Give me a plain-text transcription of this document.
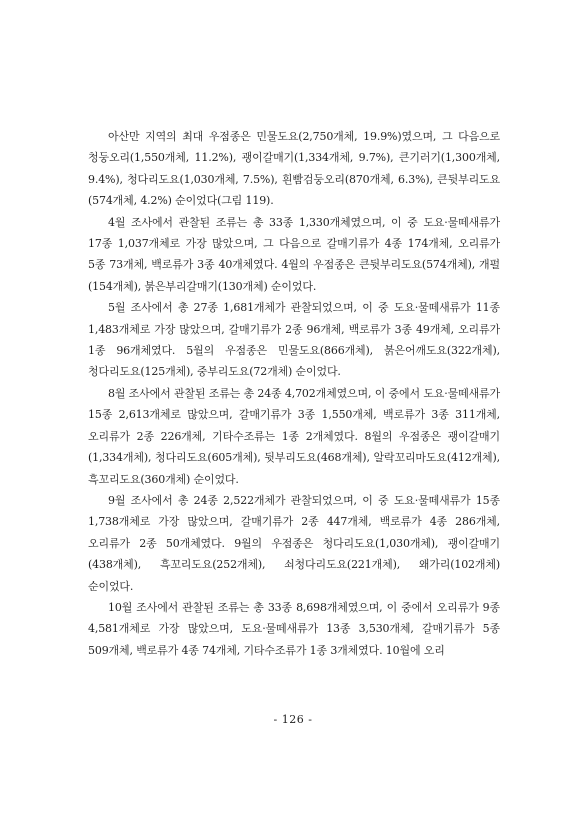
아산만 지역의 최대 우점종은 민물도요(2,750개체, 19.9%)였으며, 그 다음으로 청둥오리(1,550개체, 11.2%), 괭이갈매기(1,334개체, 9.7%), 큰기러기(1,300개체, 9.4%), 청다리도요(1,030개체, 7.5%), 흰빰검둥오리(870개체, 6.3%), 큰뒷부리도요(574개체, 4.2%) 순이었다(그림 119).

4월 조사에서 관찰된 조류는 총 33종 1,330개체였으며, 이 중 도요·물떼새류가 17종 1,037개체로 가장 많았으며, 그 다음으로 갈매기류가 4종 174개체, 오리류가 5종 73개체, 백로류가 3종 40개체였다. 4월의 우점종은 큰뒷부리도요(574개체), 개펄(154개체), 붉은부리갈매기(130개체) 순이었다.

5월 조사에서 총 27종 1,681개체가 관찰되었으며, 이 중 도요·물떼새류가 11종 1,483개체로 가장 많았으며, 갈매기류가 2종 96개체, 백로류가 3종 49개체, 오리류가 1종 96개체였다. 5월의 우점종은 민물도요(866개체), 붉은어깨도요(322개체), 청다리도요(125개체), 중부리도요(72개체) 순이었다.

8월 조사에서 관찰된 조류는 총 24종 4,702개체였으며, 이 중에서 도요·물떼새류가 15종 2,613개체로 많았으며, 갈매기류가 3종 1,550개체, 백로류가 3종 311개체, 오리류가 2종 226개체, 기타수조류는 1종 2개체였다. 8월의 우점종은 괭이갈매기(1,334개체), 청다리도요(605개체), 뒷부리도요(468개체), 알락꼬리마도요(412개체), 흑꼬리도요(360개체) 순이었다.

9월 조사에서 총 24종 2,522개체가 관찰되었으며, 이 중 도요·물떼새류가 15종 1,738개체로 가장 많았으며, 갈매기류가 2종 447개체, 백로류가 4종 286개체, 오리류가 2종 50개체였다. 9월의 우점종은 청다리도요(1,030개체), 괭이갈매기(438개체), 흑꼬리도요(252개체), 쇠청다리도요(221개체), 왜가리(102개체) 순이었다.

10월 조사에서 관찰된 조류는 총 33종 8,698개체였으며, 이 중에서 오리류가 9종 4,581개체로 가장 많았으며, 도요·물떼새류가 13종 3,530개체, 갈매기류가 5종 509개체, 백로류가 4종 74개체, 기타수조류가 1종 3개체였다. 10월에 오리

- 126 -
